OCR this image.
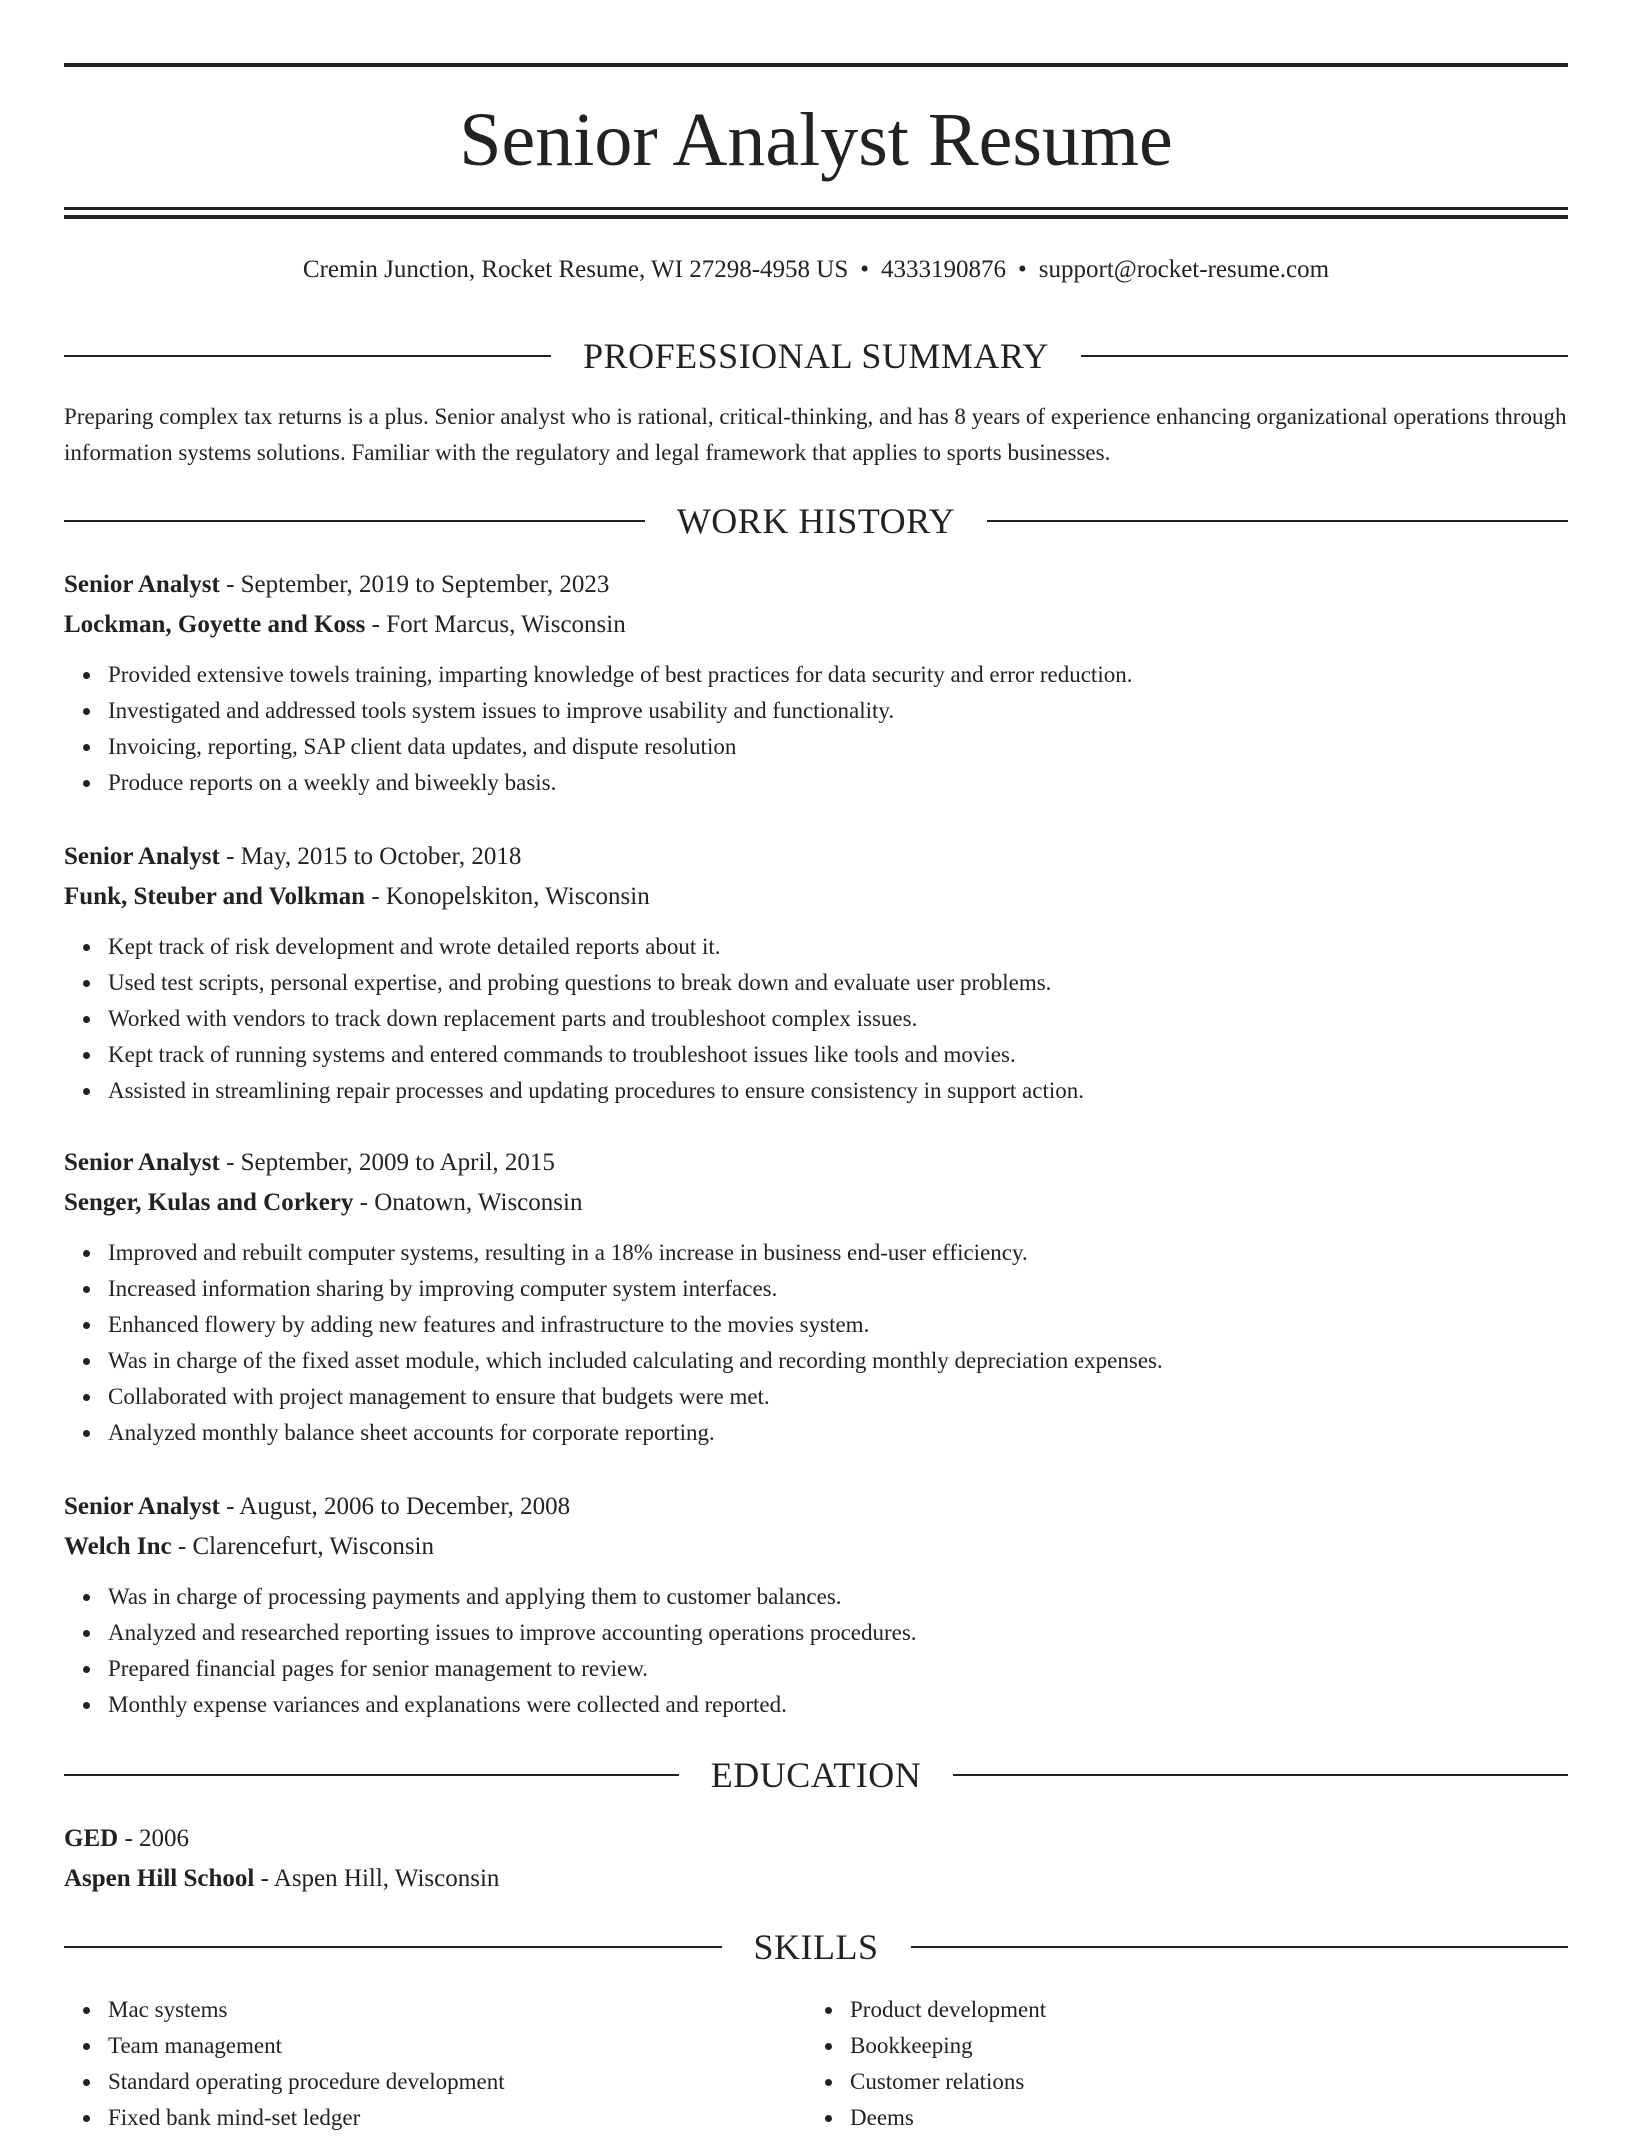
Senior Analyst Resume
Cremin Junction, Rocket Resume, WI 27298-4958 US • 4333190876 • support@rocket-resume.com
PROFESSIONAL SUMMARY
Preparing complex tax returns is a plus. Senior analyst who is rational, critical-thinking, and has 8 years of experience enhancing organizational operations through information systems solutions. Familiar with the regulatory and legal framework that applies to sports businesses.
WORK HISTORY
Senior Analyst - September, 2019 to September, 2023
Lockman, Goyette and Koss - Fort Marcus, Wisconsin
Provided extensive towels training, imparting knowledge of best practices for data security and error reduction.
Investigated and addressed tools system issues to improve usability and functionality.
Invoicing, reporting, SAP client data updates, and dispute resolution
Produce reports on a weekly and biweekly basis.
Senior Analyst - May, 2015 to October, 2018
Funk, Steuber and Volkman - Konopelskiton, Wisconsin
Kept track of risk development and wrote detailed reports about it.
Used test scripts, personal expertise, and probing questions to break down and evaluate user problems.
Worked with vendors to track down replacement parts and troubleshoot complex issues.
Kept track of running systems and entered commands to troubleshoot issues like tools and movies.
Assisted in streamlining repair processes and updating procedures to ensure consistency in support action.
Senior Analyst - September, 2009 to April, 2015
Senger, Kulas and Corkery - Onatown, Wisconsin
Improved and rebuilt computer systems, resulting in a 18% increase in business end-user efficiency.
Increased information sharing by improving computer system interfaces.
Enhanced flowery by adding new features and infrastructure to the movies system.
Was in charge of the fixed asset module, which included calculating and recording monthly depreciation expenses.
Collaborated with project management to ensure that budgets were met.
Analyzed monthly balance sheet accounts for corporate reporting.
Senior Analyst - August, 2006 to December, 2008
Welch Inc - Clarencefurt, Wisconsin
Was in charge of processing payments and applying them to customer balances.
Analyzed and researched reporting issues to improve accounting operations procedures.
Prepared financial pages for senior management to review.
Monthly expense variances and explanations were collected and reported.
EDUCATION
GED - 2006
Aspen Hill School - Aspen Hill, Wisconsin
SKILLS
Mac systems
Team management
Standard operating procedure development
Fixed bank mind-set ledger
Product development
Bookkeeping
Customer relations
Deems
